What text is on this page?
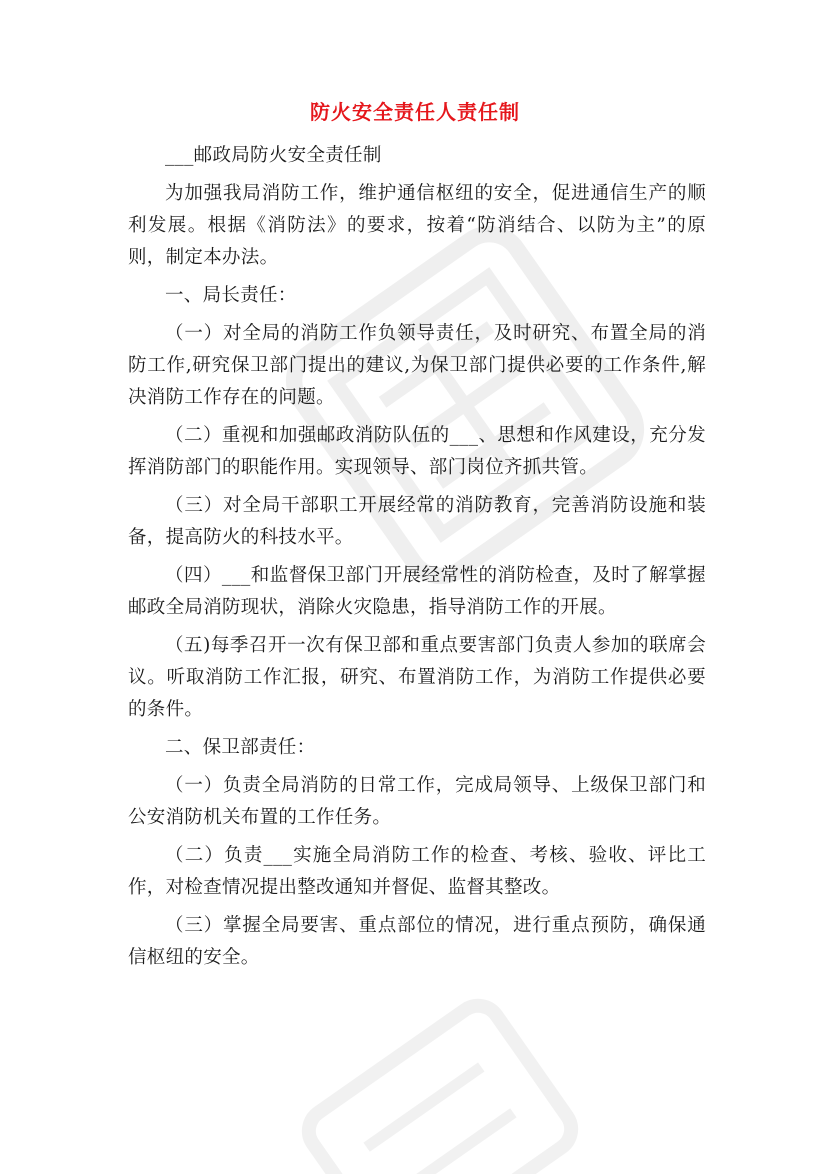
防火安全责任人责任制

___邮政局防火安全责任制

为加强我局消防工作，维护通信枢纽的安全，促进通信生产的顺利发展。根据《消防法》的要求，按着“防消结合、以防为主”的原则，制定本办法。

一、局长责任：

（一）对全局的消防工作负领导责任，及时研究、布置全局的消防工作,研究保卫部门提出的建议,为保卫部门提供必要的工作条件,解决消防工作存在的问题。

（二）重视和加强邮政消防队伍的___、思想和作风建设，充分发挥消防部门的职能作用。实现领导、部门岗位齐抓共管。

（三）对全局干部职工开展经常的消防教育，完善消防设施和装备，提高防火的科技水平。

（四）___和监督保卫部门开展经常性的消防检查，及时了解掌握邮政全局消防现状，消除火灾隐患，指导消防工作的开展。

（五)每季召开一次有保卫部和重点要害部门负责人参加的联席会议。听取消防工作汇报，研究、布置消防工作，为消防工作提供必要的条件。

二、保卫部责任：

（一）负责全局消防的日常工作，完成局领导、上级保卫部门和公安消防机关布置的工作任务。

（二）负责___实施全局消防工作的检查、考核、验收、评比工作，对检查情况提出整改通知并督促、监督其整改。

（三）掌握全局要害、重点部位的情况，进行重点预防，确保通信枢纽的安全。
